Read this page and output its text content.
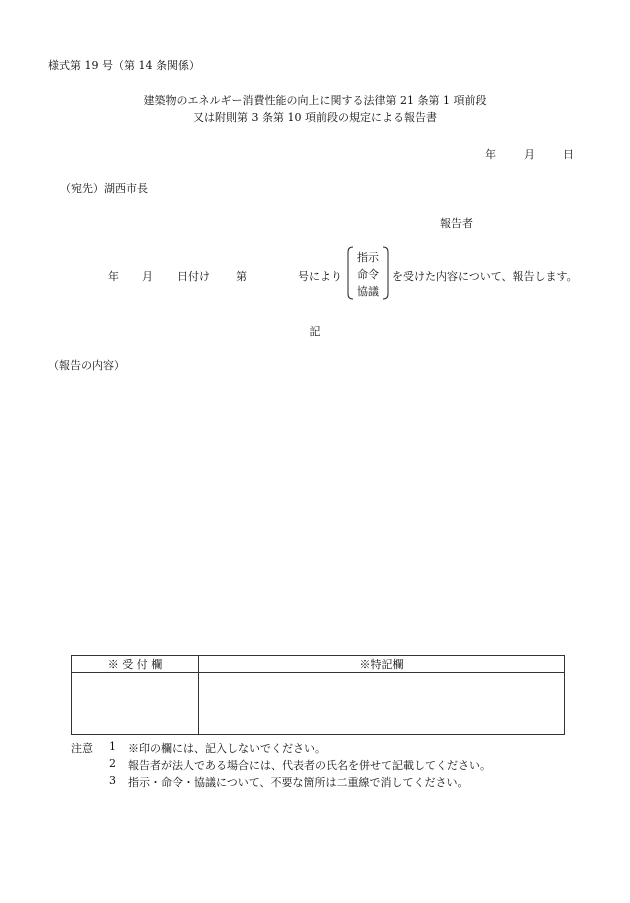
様式第 19 号（第 14 条関係）
建築物のエネルギー消費性能の向上に関する法律第 21 条第 1 項前段
又は附則第 3 条第 10 項前段の規定による報告書
年	月	日
（宛先）湖西市長
報告者
年 月 日付け 第	号により
指示
命令
協議
を受けた内容について、報告します。
記
（報告の内容）
※ 受 付 欄	※特記欄

注意 1 ※印の欄には、記入しないでください。
2 報告者が法人である場合には、代表者の氏名を併せて記載してください。
3 指示・命令・協議について、不要な箇所は二重線で消してください。
